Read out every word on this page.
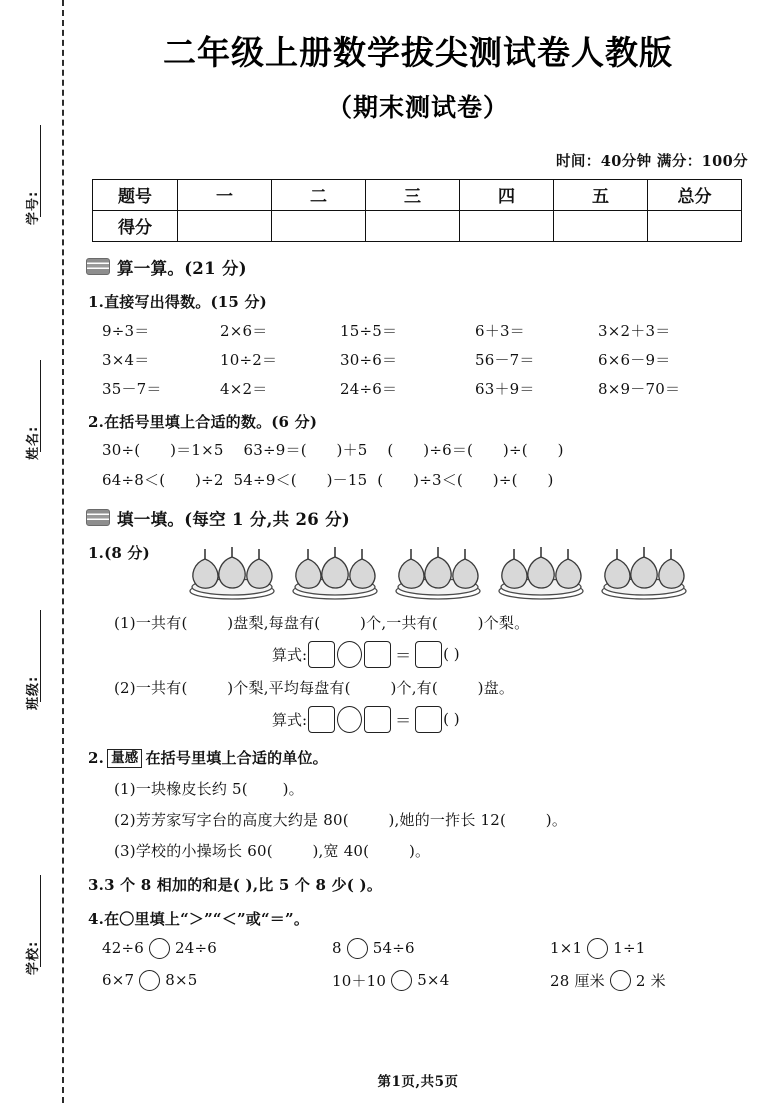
学号:
姓名:
班级:
学校:
二年级上册数学拔尖测试卷人教版
（期末测试卷）
时间：40分钟 满分：100分
题号	一	二	三	四	五	总分
得分						
算一算。(21 分)
1.直接写出得数。(15 分)
9÷3＝	2×6＝	15÷5＝	6＋3＝	3×2＋3＝
3×4＝	10÷2＝	30÷6＝	56－7＝	6×6－9＝
35－7＝	4×2＝	24÷6＝	63＋9＝	8×9－70＝
2.在括号里填上合适的数。(6 分)
30÷(      )＝1×5    63÷9＝(      )＋5    (      )÷6＝(      )÷(      )
64÷8＜(      )÷2  54÷9＜(      )－15  (      )÷3＜(      )÷(      )
填一填。(每空 1 分,共 26 分)
1.(8 分)
(1)一共有(        )盘梨,每盘有(        )个,一共有(        )个梨。
算式:	＝ ( )
(2)一共有(        )个梨,平均每盘有(        )个,有(        )盘。
算式:	＝ ( )
2. 量感 在括号里填上合适的单位。
(1)一块橡皮长约 5(       )。
(2)芳芳家写字台的高度大约是 80(        ),她的一拃长 12(        )。
(3)学校的小操场长 60(        ),宽 40(        )。
3.3 个 8 相加的和是( ),比 5 个 8 少( )。
4.在〇里填上“＞”“＜”或“＝”。
42÷6 24÷6	8 54÷6	1×1 1÷1
6×7 8×5	10＋10 5×4	28 厘米 2 米
第1页,共5页
